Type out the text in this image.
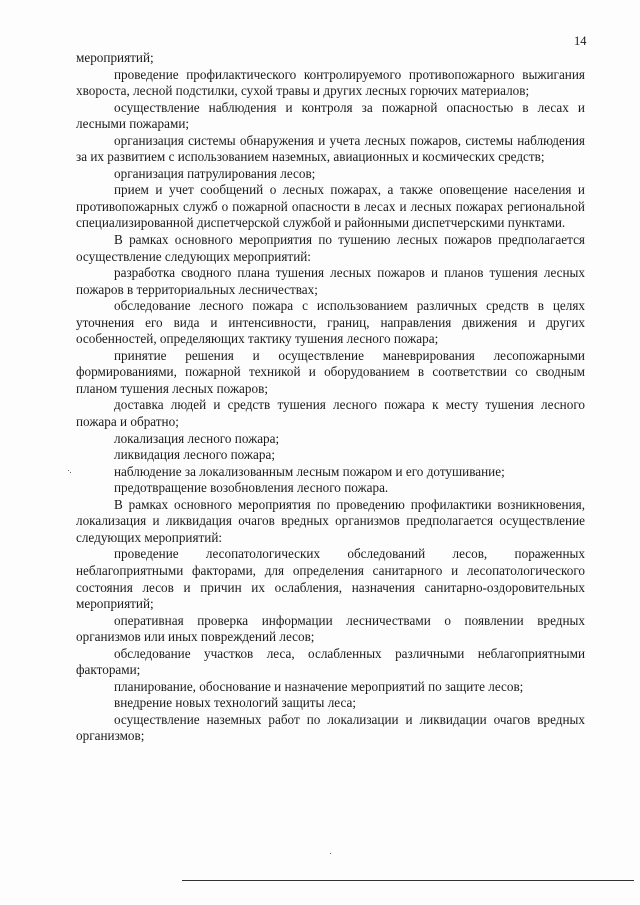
14

мероприятий;

проведение профилактического контролируемого противопожарного выжигания хвороста, лесной подстилки, сухой травы и других лесных горючих материалов;

осуществление наблюдения и контроля за пожарной опасностью в лесах и лесными пожарами;

организация системы обнаружения и учета лесных пожаров, системы наблюдения за их развитием с использованием наземных, авиационных и космических средств;

организация патрулирования лесов;

прием и учет сообщений о лесных пожарах, а также оповещение населения и противопожарных служб о пожарной опасности в лесах и лесных пожарах региональной специализированной диспетчерской службой и районными диспетчерскими пунктами.

В рамках основного мероприятия по тушению лесных пожаров предполагается осуществление следующих мероприятий:

разработка сводного плана тушения лесных пожаров и планов тушения лесных пожаров в территориальных лесничествах;

обследование лесного пожара с использованием различных средств в целях уточнения его вида и интенсивности, границ, направления движения и других особенностей, определяющих тактику тушения лесного пожара;

принятие решения и осуществление маневрирования лесопожарными формированиями, пожарной техникой и оборудованием в соответствии со сводным планом тушения лесных пожаров;

доставка людей и средств тушения лесного пожара к месту тушения лесного пожара и обратно;

локализация лесного пожара;

ликвидация лесного пожара;

наблюдение за локализованным лесным пожаром и его дотушивание;

предотвращение возобновления лесного пожара.

В рамках основного мероприятия по проведению профилактики возникновения, локализация и ликвидация очагов вредных организмов предполагается осуществление следующих мероприятий:

проведение лесопатологических обследований лесов, пораженных неблагоприятными факторами, для определения санитарного и лесопатологического состояния лесов и причин их ослабления, назначения санитарно-оздоровительных мероприятий;

оперативная проверка информации лесничествами о появлении вредных организмов или иных повреждений лесов;

обследование участков леса, ослабленных различными неблагоприятными факторами;

планирование, обоснование и назначение мероприятий по защите лесов;

внедрение новых технологий защиты леса;

осуществление наземных работ по локализации и ликвидации очагов вредных организмов;
